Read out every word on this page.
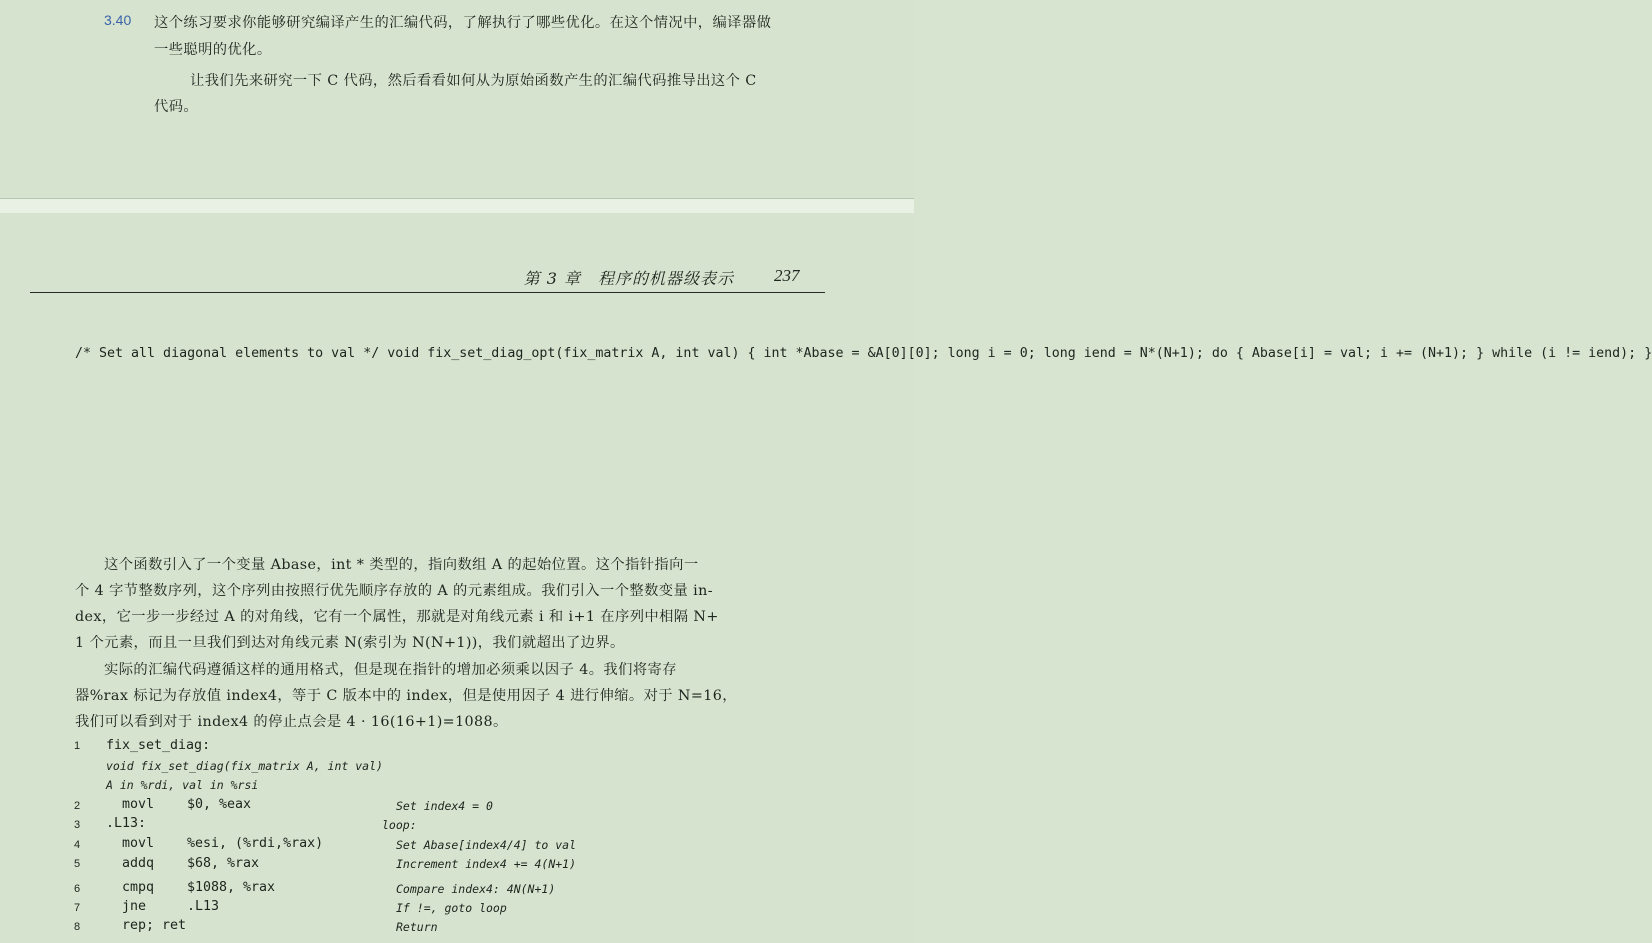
3.40 这个练习要求你能够研究编译产生的汇编代码，了解执行了哪些优化。在这个情况中，编译器做
一些聪明的优化。
让我们先来研究一下 C 代码，然后看看如何从为原始函数产生的汇编代码推导出这个 C
代码。
第 3 章　程序的机器级表示 237
/* Set all diagonal elements to val */ void fix_set_diag_opt(fix_matrix A, int val) { int *Abase = &A[0][0]; long i = 0; long iend = N*(N+1); do { Abase[i] = val; i += (N+1); } while (i != iend); }
这个函数引入了一个变量 Abase，int * 类型的，指向数组 A 的起始位置。这个指针指向一
个 4 字节整数序列，这个序列由按照行优先顺序存放的 A 的元素组成。我们引入一个整数变量 in-
dex，它一步一步经过 A 的对角线，它有一个属性，那就是对角线元素 i 和 i+1 在序列中相隔 N+
1 个元素，而且一旦我们到达对角线元素 N(索引为 N(N+1))，我们就超出了边界。
实际的汇编代码遵循这样的通用格式，但是现在指针的增加必须乘以因子 4。我们将寄存
器%rax 标记为存放值 index4，等于 C 版本中的 index，但是使用因子 4 进行伸缩。对于 N=16，
我们可以看到对于 index4 的停止点会是 4 · 16(16+1)=1088。
1 fix_set_diag:
void fix_set_diag(fix_matrix A, int val)
A in %rdi, val in %rsi
2	movl $0, %eax	Set index4 = 0
3 .L13:	loop:
4	movl %esi, (%rdi,%rax)	Set Abase[index4/4] to val
5	addq $68, %rax	Increment index4 += 4(N+1)
6	cmpq $1088, %rax	Compare index4: 4N(N+1)
7	jne	.L13	If !=, goto loop
8	rep; ret	Return
